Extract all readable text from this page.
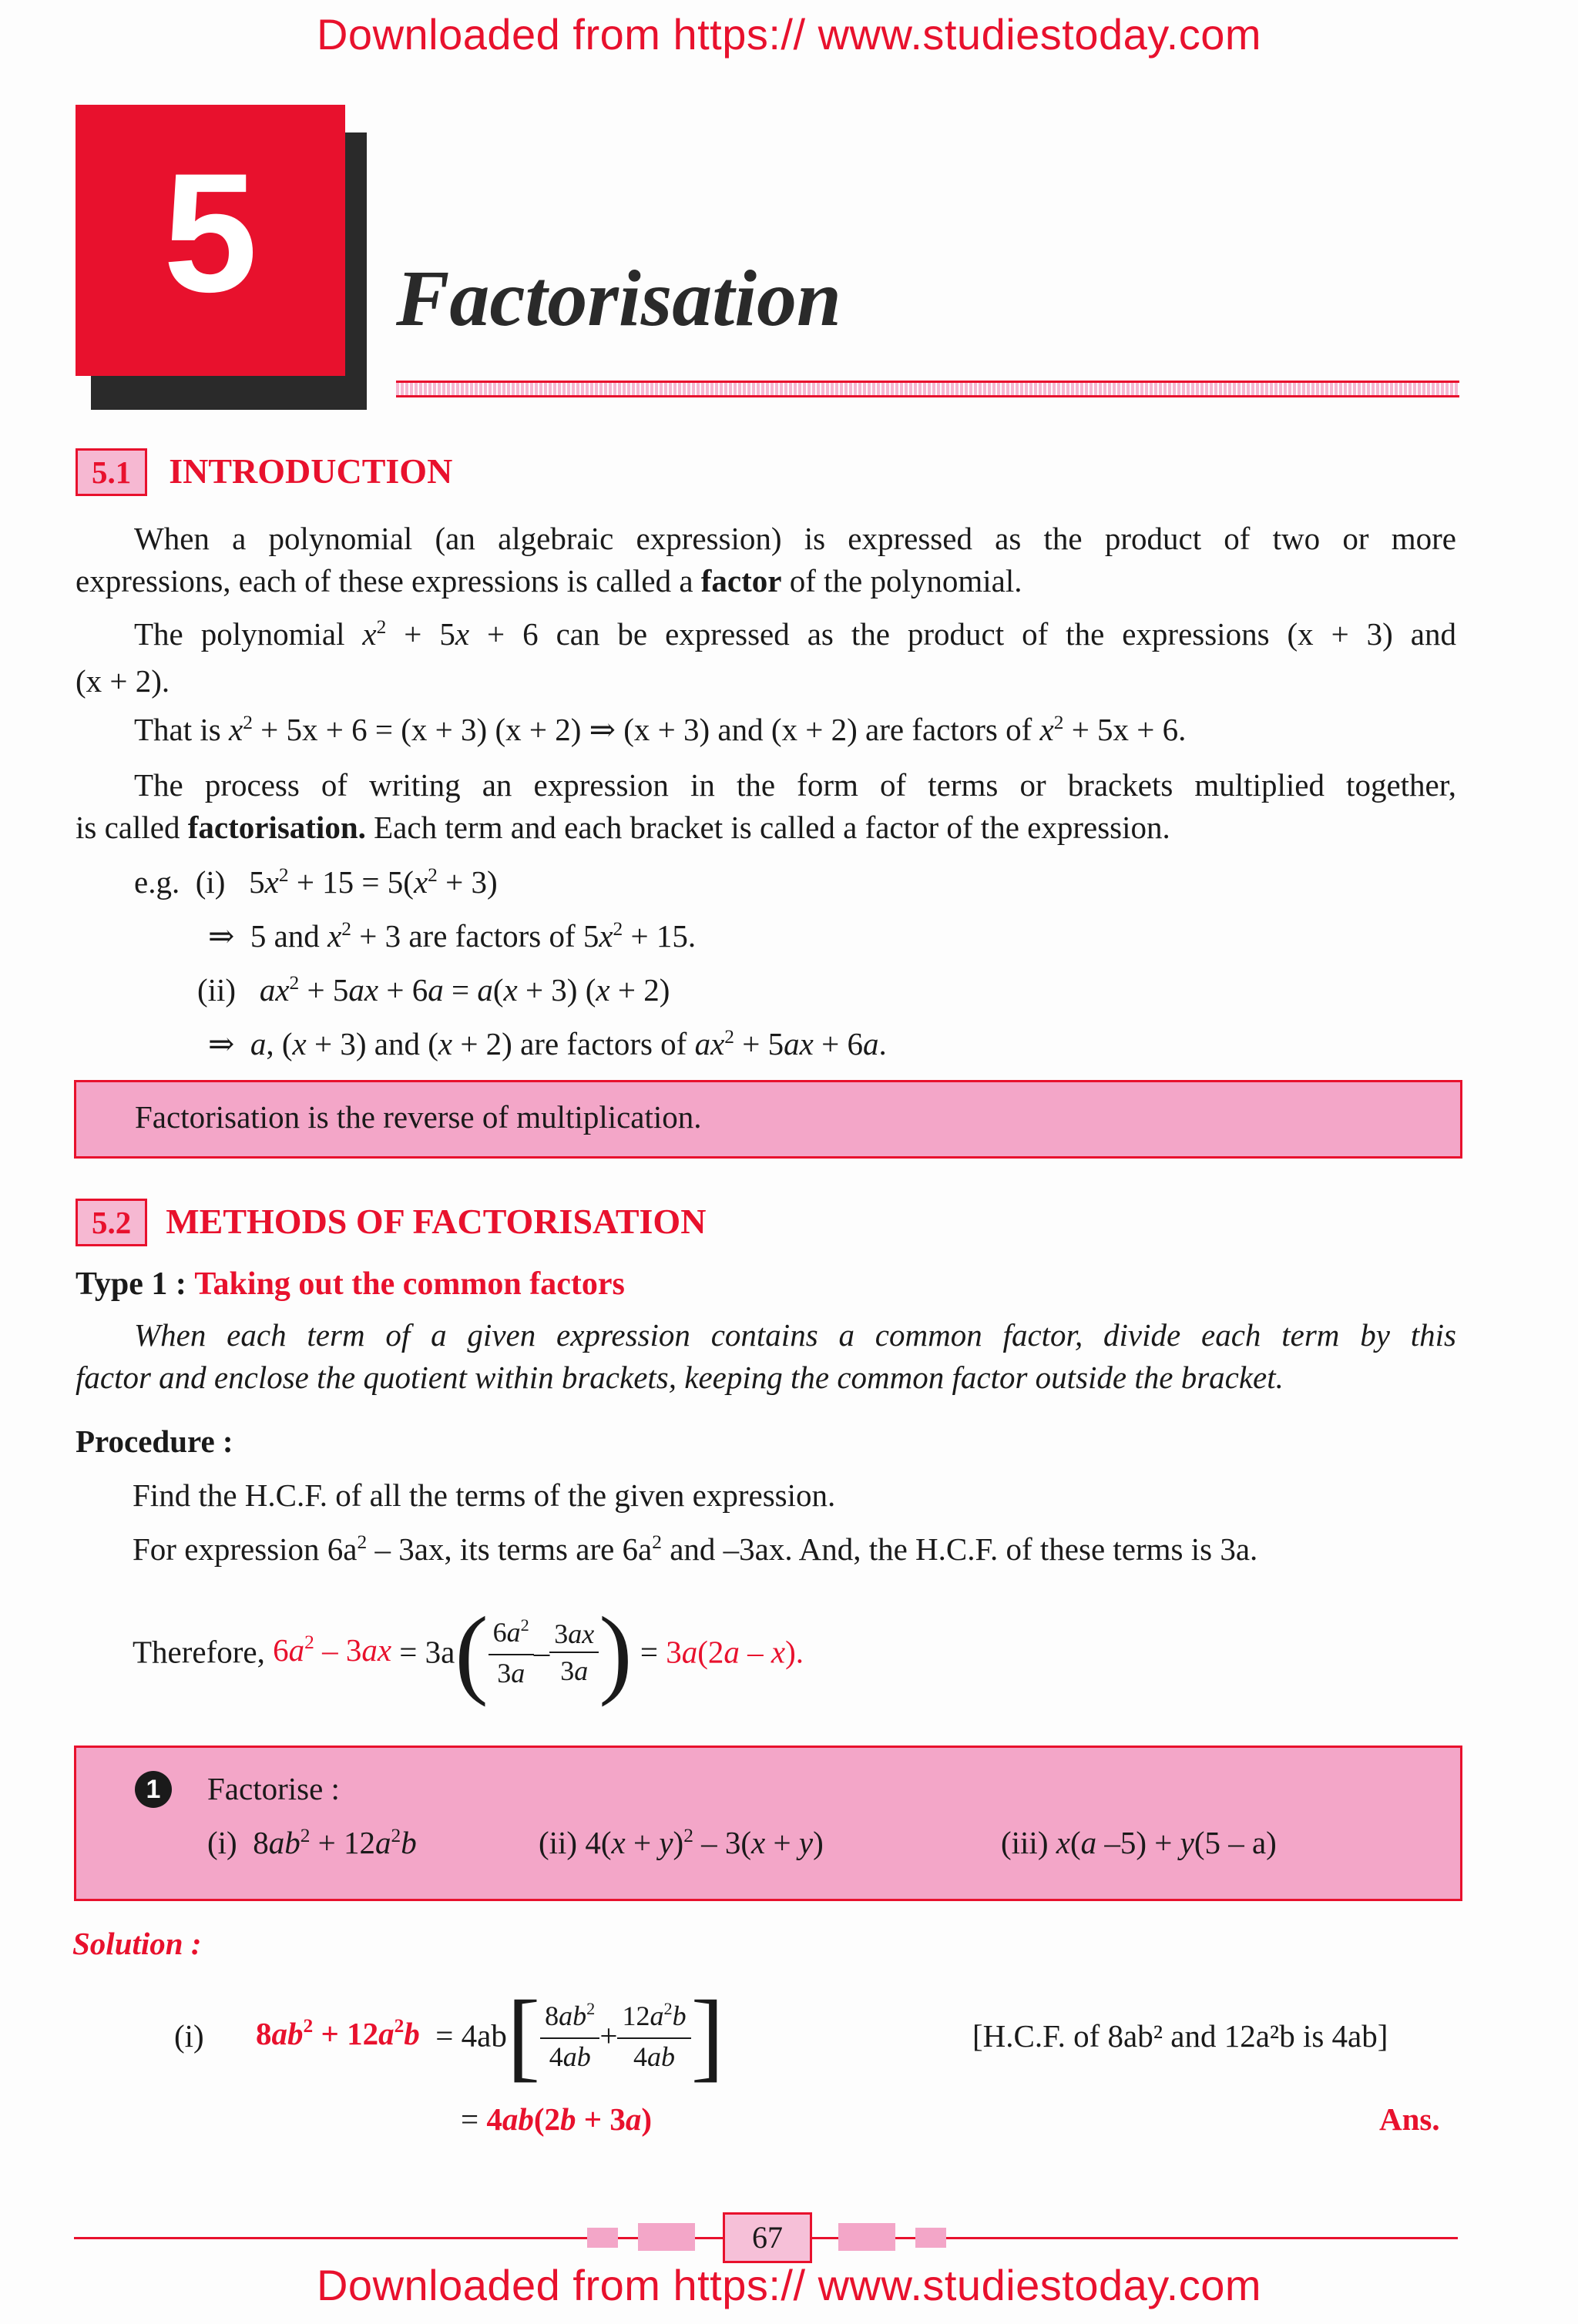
Downloaded from https:// www.studiestoday.com
5	Factorisation
5.1 INTRODUCTION
When a polynomial (an algebraic expression) is expressed as the product of two or more
expressions, each of these expressions is called a factor of the polynomial.
The polynomial $x^2 + 5x + 6$ can be expressed as the product of the expressions (x + 3) and
(x + 2).
That is $x^2 + 5x + 6 = (x + 3) (x + 2)$ ⇒ (x + 3) and (x + 2) are factors of $x^2 + 5x + 6$.
The process of writing an expression in the form of terms or brackets multiplied together,
is called factorisation. Each term and each bracket is called a factor of the expression.
e.g. (i)   $5x^2 + 15 = 5(x^2 + 3)$
⇒  5 and $x^2 + 3$ are factors of $5x^2 + 15$.
(ii) $ax^2 + 5ax + 6a = a(x + 3) (x + 2)$
⇒ a, (x + 3) and (x + 2) are factors of $ax^2 + 5ax + 6a$.
Factorisation is the reverse of multiplication.
5.2 METHODS OF FACTORISATION
Type 1 : Taking out the common factors
When each term of a given expression contains a common factor, divide each term by this
factor and enclose the quotient within brackets, keeping the common factor outside the bracket.
Procedure :
Find the H.C.F. of all the terms of the given expression.
For expression $6a^2 - 3ax$, its terms are $6a^2$ and –3ax. And, the H.C.F. of these terms is 3a.
Therefore, $6a^2 - 3ax = 3a( \frac{6a^2}{3a} - \frac{3ax}{3a}$ ) = 3a(2a – x).
1	Factorise :
(i)  $8ab^2 + 12a^2b$	(ii) $4(x + y)^2 - 3(x + y)$	(iii) x(a –5) + y(5 – a)
Solution :
(i) $8ab^2 + 12a^2b = 4ab[ \frac{8ab^2}{4ab} + \frac{12a^2b}{4ab}$ ]	[H.C.F. of 8ab² and 12a²b is 4ab]
= 4ab(2b + 3a)	Ans.
67
Downloaded from https:// www.studiestoday.com
